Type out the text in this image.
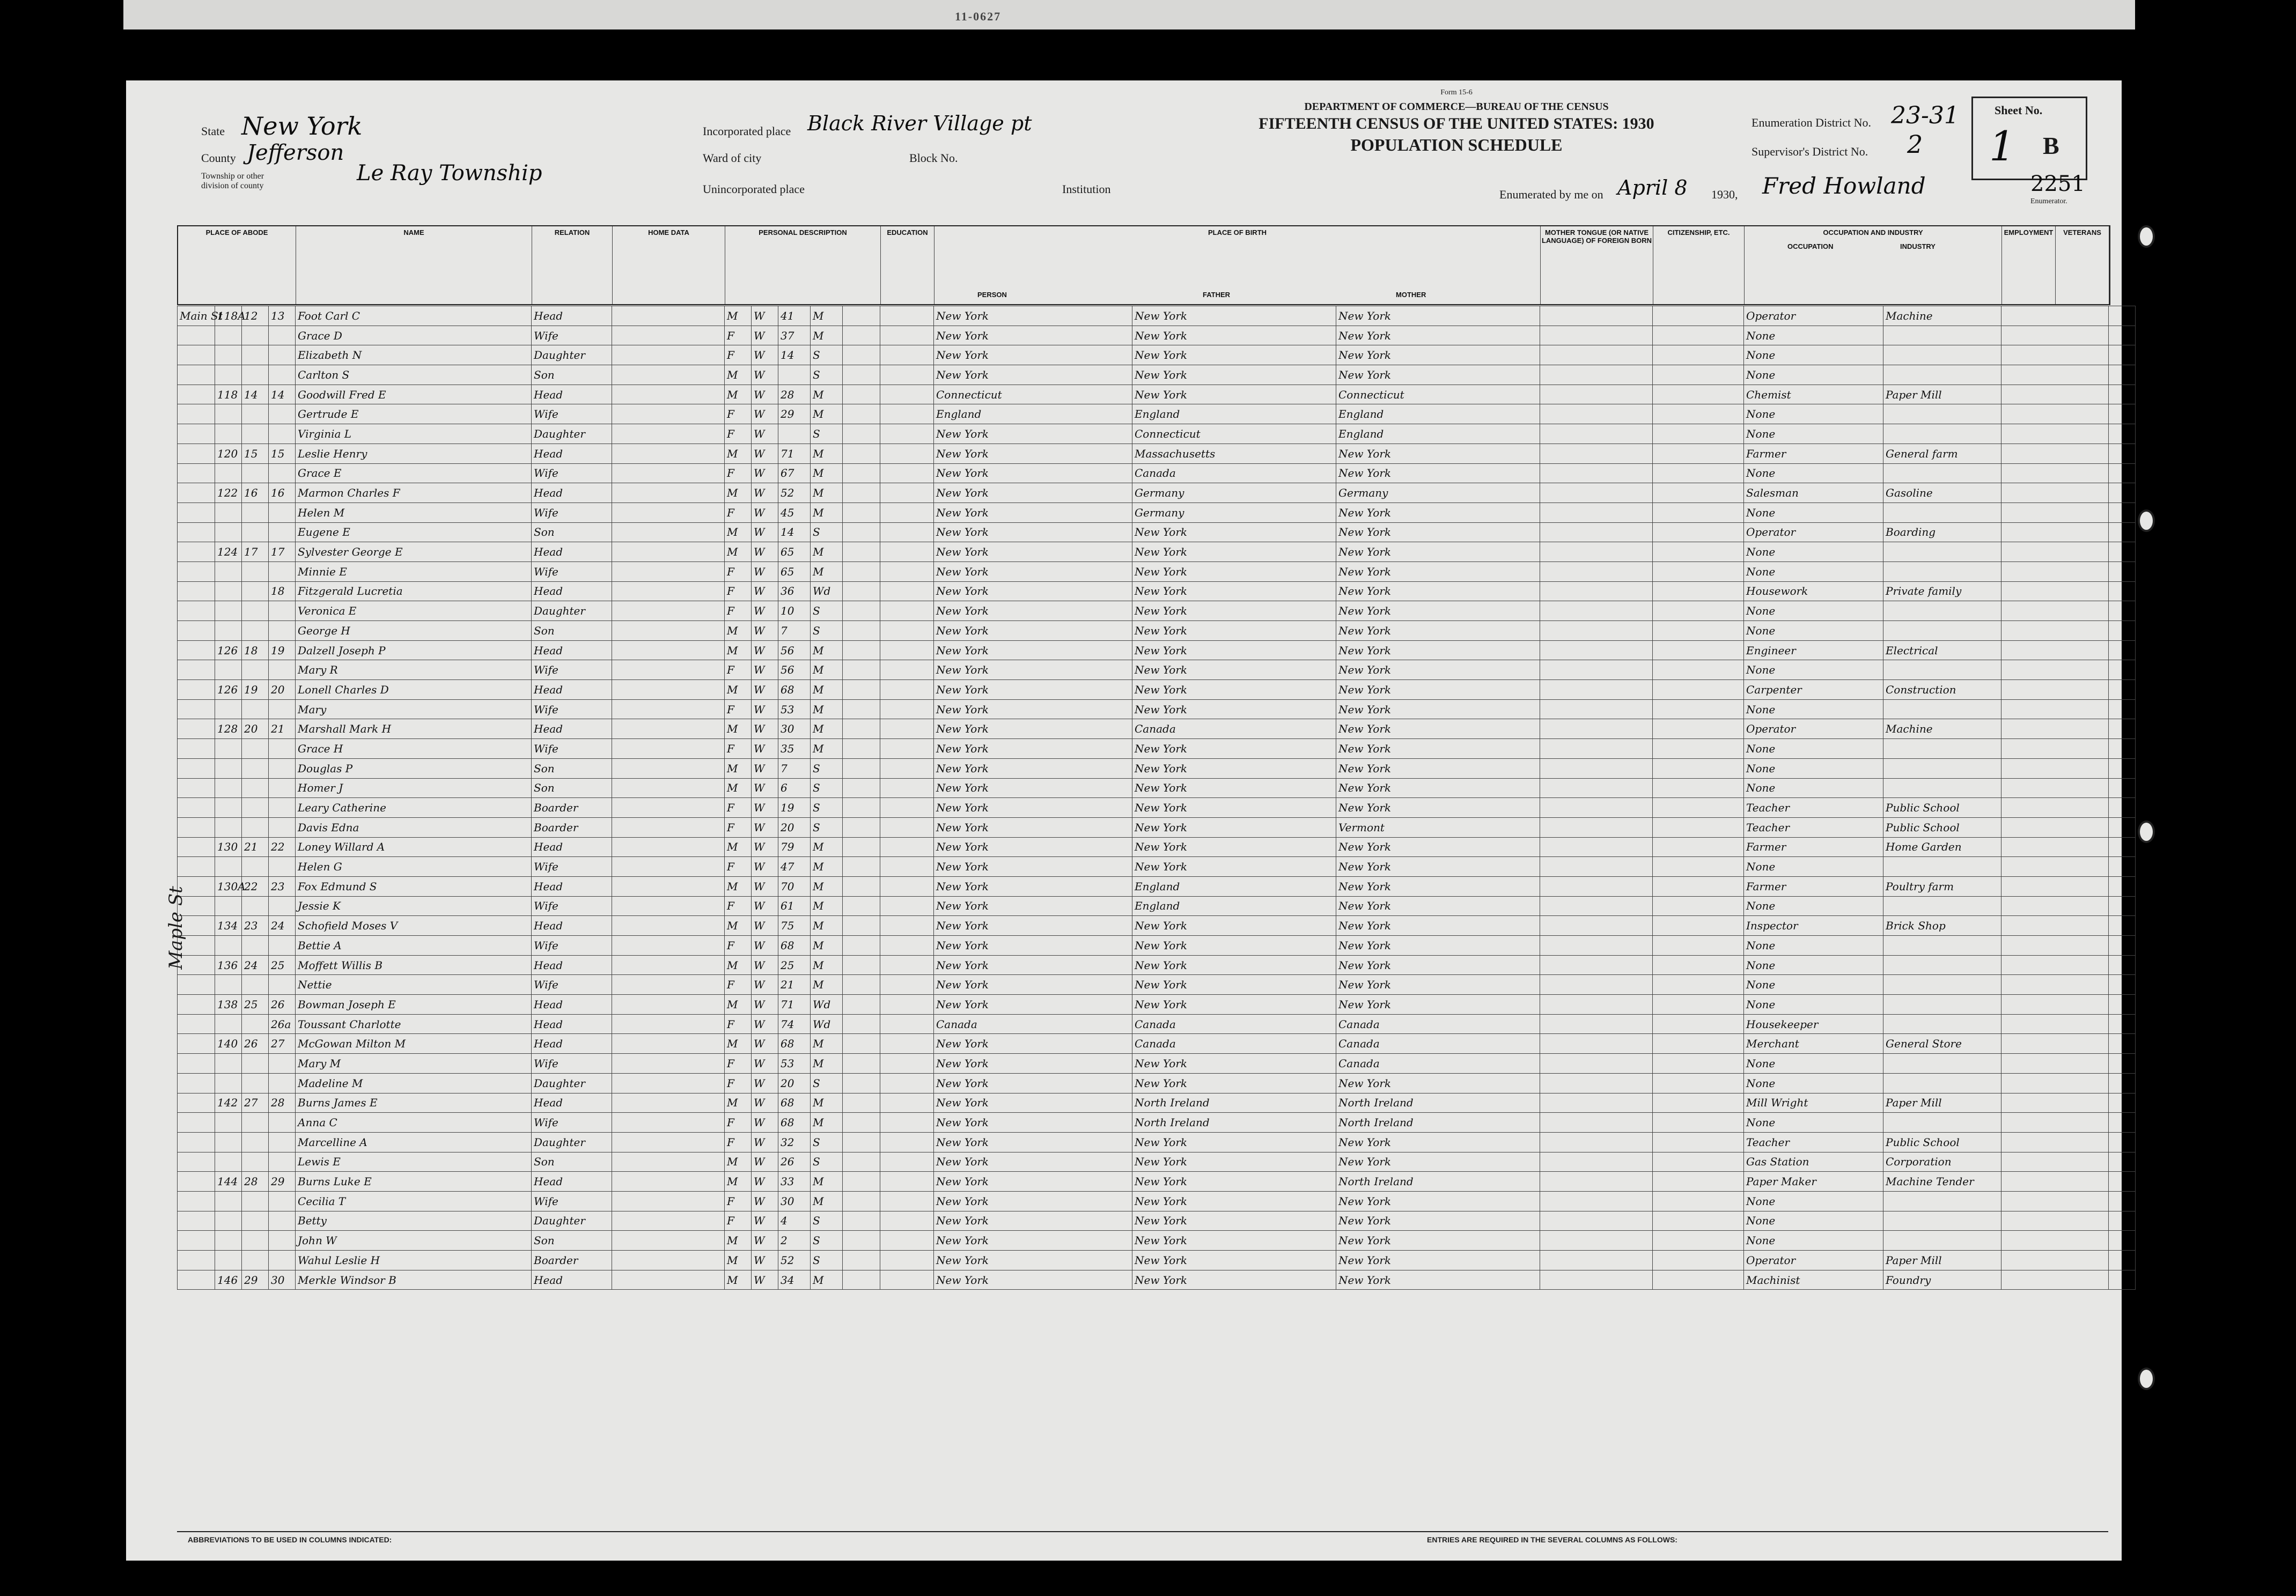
11-0627
State New York
County Jefferson
Township or other division of county
Le Ray Township
Incorporated place Black River Village pt
Ward of city	Block No.
Unincorporated place	Institution
Form 15-6
DEPARTMENT OF COMMERCE—BUREAU OF THE CENSUS
FIFTEENTH CENSUS OF THE UNITED STATES: 1930
POPULATION SCHEDULE
Enumeration District No. 23-31
Supervisor's District No. 2
Sheet No.
1 B
Enumerated by me on April 8 1930, Fred Howland
Enumerator.
2251
PLACE OF ABODE	NAME	RELATION	HOME DATA	PERSONAL DESCRIPTION	EDUCATION	PLACE OF BIRTH
PERSON	FATHER	MOTHER
MOTHER TONGUE (OR NATIVE LANGUAGE) OF FOREIGN BORN
CITIZENSHIP, ETC.	OCCUPATION AND INDUSTRY
OCCUPATION	INDUSTRY
EMPLOYMENT	VETERANS
Main St	118A	12	13	Foot Carl C	Head		M	W	41	M			New York	New York	New York			Operator	Machine			
				Grace D	Wife		F	W	37	M			New York	New York	New York			None				
				Elizabeth N	Daughter		F	W	14	S			New York	New York	New York			None				
				Carlton S	Son		M	W		S			New York	New York	New York			None				
	118	14	14	Goodwill Fred E	Head		M	W	28	M			Connecticut	New York	Connecticut			Chemist	Paper Mill			
				Gertrude E	Wife		F	W	29	M			England	England	England			None				
				Virginia L	Daughter		F	W		S			New York	Connecticut	England			None				
	120	15	15	Leslie Henry	Head		M	W	71	M			New York	Massachusetts	New York			Farmer	General farm			
				Grace E	Wife		F	W	67	M			New York	Canada	New York			None				
	122	16	16	Marmon Charles F	Head		M	W	52	M			New York	Germany	Germany			Salesman	Gasoline			
				Helen M	Wife		F	W	45	M			New York	Germany	New York			None				
				Eugene E	Son		M	W	14	S			New York	New York	New York			Operator	Boarding			
	124	17	17	Sylvester George E	Head		M	W	65	M			New York	New York	New York			None				
				Minnie E	Wife		F	W	65	M			New York	New York	New York			None				
			18	Fitzgerald Lucretia	Head		F	W	36	Wd			New York	New York	New York			Housework	Private family			
				Veronica E	Daughter		F	W	10	S			New York	New York	New York			None				
				George H	Son		M	W	7	S			New York	New York	New York			None				
	126	18	19	Dalzell Joseph P	Head		M	W	56	M			New York	New York	New York			Engineer	Electrical			
				Mary R	Wife		F	W	56	M			New York	New York	New York			None				
	126	19	20	Lonell Charles D	Head		M	W	68	M			New York	New York	New York			Carpenter	Construction			
				Mary	Wife		F	W	53	M			New York	New York	New York			None				
	128	20	21	Marshall Mark H	Head		M	W	30	M			New York	Canada	New York			Operator	Machine			
				Grace H	Wife		F	W	35	M			New York	New York	New York			None				
				Douglas P	Son		M	W	7	S			New York	New York	New York			None				
				Homer J	Son		M	W	6	S			New York	New York	New York			None				
				Leary Catherine	Boarder		F	W	19	S			New York	New York	New York			Teacher	Public School			
				Davis Edna	Boarder		F	W	20	S			New York	New York	Vermont			Teacher	Public School			
	130	21	22	Loney Willard A	Head		M	W	79	M			New York	New York	New York			Farmer	Home Garden			
				Helen G	Wife		F	W	47	M			New York	New York	New York			None				
	130A	22	23	Fox Edmund S	Head		M	W	70	M			New York	England	New York			Farmer	Poultry farm			
				Jessie K	Wife		F	W	61	M			New York	England	New York			None				
	134	23	24	Schofield Moses V	Head		M	W	75	M			New York	New York	New York			Inspector	Brick Shop			
				Bettie A	Wife		F	W	68	M			New York	New York	New York			None				
	136	24	25	Moffett Willis B	Head		M	W	25	M			New York	New York	New York			None				
				Nettie	Wife		F	W	21	M			New York	New York	New York			None				
	138	25	26	Bowman Joseph E	Head		M	W	71	Wd			New York	New York	New York			None				
			26a	Toussant Charlotte	Head		F	W	74	Wd			Canada	Canada	Canada			Housekeeper				
	140	26	27	McGowan Milton M	Head		M	W	68	M			New York	Canada	Canada			Merchant	General Store			
				Mary M	Wife		F	W	53	M			New York	New York	Canada			None				
				Madeline M	Daughter		F	W	20	S			New York	New York	New York			None				
	142	27	28	Burns James E	Head		M	W	68	M			New York	North Ireland	North Ireland			Mill Wright	Paper Mill			
				Anna C	Wife		F	W	68	M			New York	North Ireland	North Ireland			None				
				Marcelline A	Daughter		F	W	32	S			New York	New York	New York			Teacher	Public School			
				Lewis E	Son		M	W	26	S			New York	New York	New York			Gas Station	Corporation			
	144	28	29	Burns Luke E	Head		M	W	33	M			New York	New York	North Ireland			Paper Maker	Machine Tender			
				Cecilia T	Wife		F	W	30	M			New York	New York	New York			None				
				Betty	Daughter		F	W	4	S			New York	New York	New York			None				
				John W	Son		M	W	2	S			New York	New York	New York			None				
				Wahul Leslie H	Boarder		M	W	52	S			New York	New York	New York			Operator	Paper Mill			
	146	29	30	Merkle Windsor B	Head		M	W	34	M			New York	New York	New York			Machinist	Foundry			
Maple St
ABBREVIATIONS TO BE USED IN COLUMNS INDICATED:	ENTRIES ARE REQUIRED IN THE SEVERAL COLUMNS AS FOLLOWS:
